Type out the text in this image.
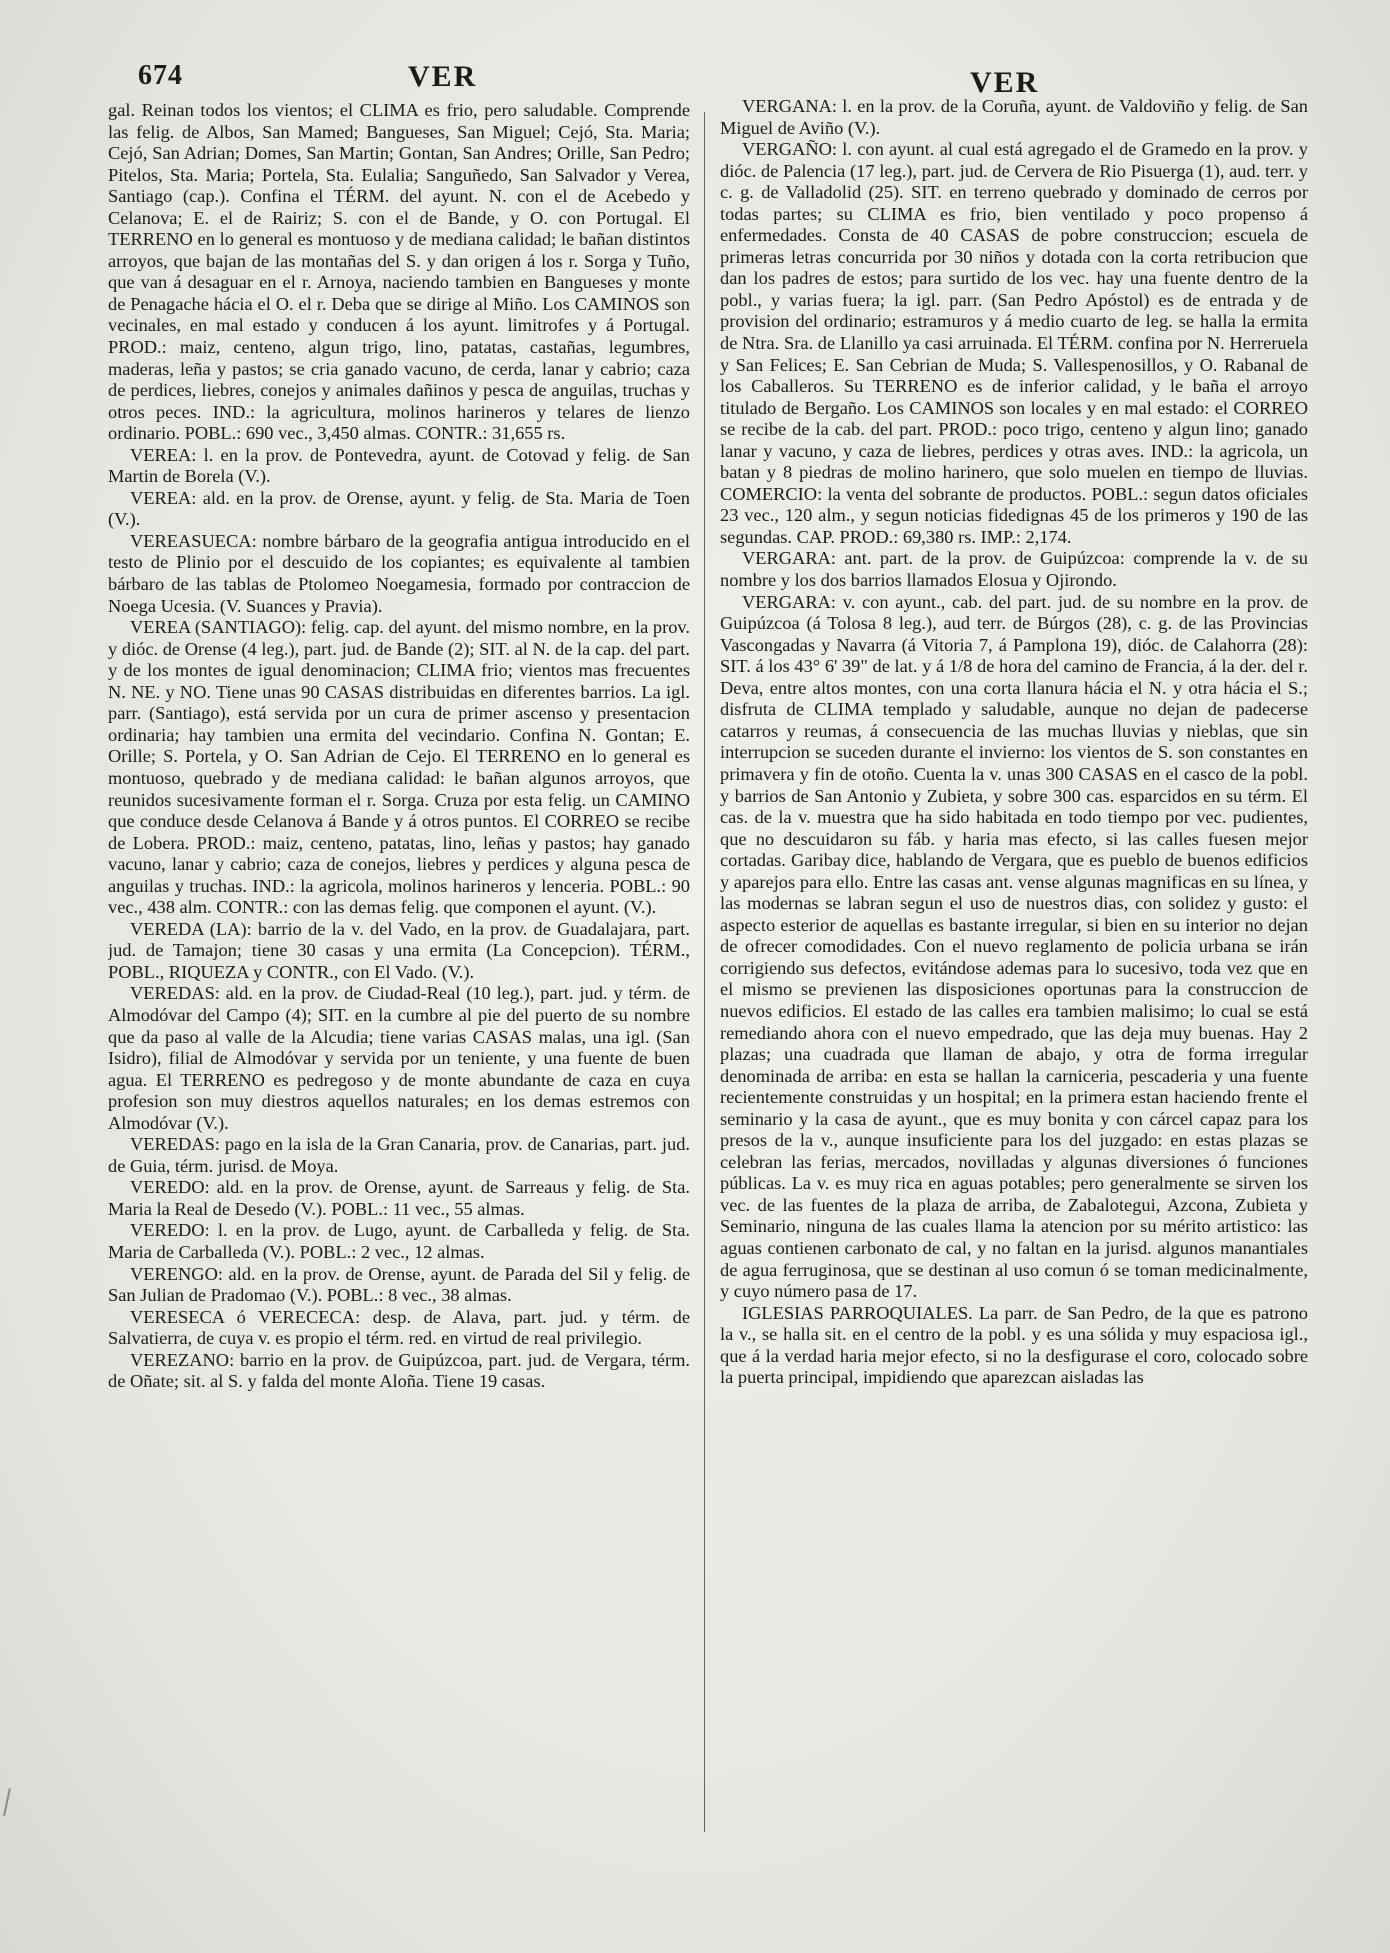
674	VER	VER

gal. Reinan todos los vientos; el CLIMA es frio, pero saludable. Comprende las felig. de Albos, San Mamed; Bangueses, San Miguel; Cejó, Sta. Maria; Cejó, San Adrian; Domes, San Martin; Gontan, San Andres; Orille, San Pedro; Pitelos, Sta. Maria; Portela, Sta. Eulalia; Sanguñedo, San Salvador y Verea, Santiago (cap.). Confina el TÉRM. del ayunt. N. con el de Acebedo y Celanova; E. el de Rairiz; S. con el de Bande, y O. con Portugal. El TERRENO en lo general es montuoso y de mediana calidad; le bañan distintos arroyos, que bajan de las montañas del S. y dan origen á los r. Sorga y Tuño, que van á desaguar en el r. Arnoya, naciendo tambien en Bangueses y monte de Penagache hácia el O. el r. Deba que se dirige al Miño. Los CAMINOS son vecinales, en mal estado y conducen á los ayunt. limitrofes y á Portugal. PROD.: maiz, centeno, algun trigo, lino, patatas, castañas, legumbres, maderas, leña y pastos; se cria ganado vacuno, de cerda, lanar y cabrio; caza de perdices, liebres, conejos y animales dañinos y pesca de anguilas, truchas y otros peces. IND.: la agricultura, molinos harineros y telares de lienzo ordinario. POBL.: 690 vec., 3,450 almas. CONTR.: 31,655 rs.

VEREA: l. en la prov. de Pontevedra, ayunt. de Cotovad y felig. de San Martin de Borela (V.).

VEREA: ald. en la prov. de Orense, ayunt. y felig. de Sta. Maria de Toen (V.).

VEREASUECA: nombre bárbaro de la geografia antigua introducido en el testo de Plinio por el descuido de los copiantes; es equivalente al tambien bárbaro de las tablas de Ptolomeo Noegamesia, formado por contraccion de Noega Ucesia. (V. Suances y Pravia).

VEREA (SANTIAGO): felig. cap. del ayunt. del mismo nombre, en la prov. y dióc. de Orense (4 leg.), part. jud. de Bande (2); SIT. al N. de la cap. del part. y de los montes de igual denominacion; CLIMA frio; vientos mas frecuentes N. NE. y NO. Tiene unas 90 CASAS distribuidas en diferentes barrios. La igl. parr. (Santiago), está servida por un cura de primer ascenso y presentacion ordinaria; hay tambien una ermita del vecindario. Confina N. Gontan; E. Orille; S. Portela, y O. San Adrian de Cejo. El TERRENO en lo general es montuoso, quebrado y de mediana calidad: le bañan algunos arroyos, que reunidos sucesivamente forman el r. Sorga. Cruza por esta felig. un CAMINO que conduce desde Celanova á Bande y á otros puntos. El CORREO se recibe de Lobera. PROD.: maiz, centeno, patatas, lino, leñas y pastos; hay ganado vacuno, lanar y cabrio; caza de conejos, liebres y perdices y alguna pesca de anguilas y truchas. IND.: la agricola, molinos harineros y lenceria. POBL.: 90 vec., 438 alm. CONTR.: con las demas felig. que componen el ayunt. (V.).

VEREDA (LA): barrio de la v. del Vado, en la prov. de Guadalajara, part. jud. de Tamajon; tiene 30 casas y una ermita (La Concepcion). TÉRM., POBL., RIQUEZA y CONTR., con El Vado. (V.).

VEREDAS: ald. en la prov. de Ciudad-Real (10 leg.), part. jud. y térm. de Almodóvar del Campo (4); SIT. en la cumbre al pie del puerto de su nombre que da paso al valle de la Alcudia; tiene varias CASAS malas, una igl. (San Isidro), filial de Almodóvar y servida por un teniente, y una fuente de buen agua. El TERRENO es pedregoso y de monte abundante de caza en cuya profesion son muy diestros aquellos naturales; en los demas estremos con Almodóvar (V.).

VEREDAS: pago en la isla de la Gran Canaria, prov. de Canarias, part. jud. de Guia, térm. jurisd. de Moya.

VEREDO: ald. en la prov. de Orense, ayunt. de Sarreaus y felig. de Sta. Maria la Real de Desedo (V.). POBL.: 11 vec., 55 almas.

VEREDO: l. en la prov. de Lugo, ayunt. de Carballeda y felig. de Sta. Maria de Carballeda (V.). POBL.: 2 vec., 12 almas.

VERENGO: ald. en la prov. de Orense, ayunt. de Parada del Sil y felig. de San Julian de Pradomao (V.). POBL.: 8 vec., 38 almas.

VERESECA ó VERECECA: desp. de Alava, part. jud. y térm. de Salvatierra, de cuya v. es propio el térm. red. en virtud de real privilegio.

VEREZANO: barrio en la prov. de Guipúzcoa, part. jud. de Vergara, térm. de Oñate; sit. al S. y falda del monte Aloña. Tiene 19 casas.

VERGANA: l. en la prov. de la Coruña, ayunt. de Valdoviño y felig. de San Miguel de Aviño (V.).

VERGAÑO: l. con ayunt. al cual está agregado el de Gramedo en la prov. y dióc. de Palencia (17 leg.), part. jud. de Cervera de Rio Pisuerga (1), aud. terr. y c. g. de Valladolid (25). SIT. en terreno quebrado y dominado de cerros por todas partes; su CLIMA es frio, bien ventilado y poco propenso á enfermedades. Consta de 40 CASAS de pobre construccion; escuela de primeras letras concurrida por 30 niños y dotada con la corta retribucion que dan los padres de estos; para surtido de los vec. hay una fuente dentro de la pobl., y varias fuera; la igl. parr. (San Pedro Apóstol) es de entrada y de provision del ordinario; estramuros y á medio cuarto de leg. se halla la ermita de Ntra. Sra. de Llanillo ya casi arruinada. El TÉRM. confina por N. Herreruela y San Felices; E. San Cebrian de Muda; S. Vallespenosillos, y O. Rabanal de los Caballeros. Su TERRENO es de inferior calidad, y le baña el arroyo titulado de Bergaño. Los CAMINOS son locales y en mal estado: el CORREO se recibe de la cab. del part. PROD.: poco trigo, centeno y algun lino; ganado lanar y vacuno, y caza de liebres, perdices y otras aves. IND.: la agricola, un batan y 8 piedras de molino harinero, que solo muelen en tiempo de lluvias. COMERCIO: la venta del sobrante de productos. POBL.: segun datos oficiales 23 vec., 120 alm., y segun noticias fidedignas 45 de los primeros y 190 de las segundas. CAP. PROD.: 69,380 rs. IMP.: 2,174.

VERGARA: ant. part. de la prov. de Guipúzcoa: comprende la v. de su nombre y los dos barrios llamados Elosua y Ojirondo.

VERGARA: v. con ayunt., cab. del part. jud. de su nombre en la prov. de Guipúzcoa (á Tolosa 8 leg.), aud terr. de Búrgos (28), c. g. de las Provincias Vascongadas y Navarra (á Vitoria 7, á Pamplona 19), dióc. de Calahorra (28): SIT. á los 43° 6' 39" de lat. y á 1/8 de hora del camino de Francia, á la der. del r. Deva, entre altos montes, con una corta llanura hácia el N. y otra hácia el S.; disfruta de CLIMA templado y saludable, aunque no dejan de padecerse catarros y reumas, á consecuencia de las muchas lluvias y nieblas, que sin interrupcion se suceden durante el invierno: los vientos de S. son constantes en primavera y fin de otoño. Cuenta la v. unas 300 CASAS en el casco de la pobl. y barrios de San Antonio y Zubieta, y sobre 300 cas. esparcidos en su térm. El cas. de la v. muestra que ha sido habitada en todo tiempo por vec. pudientes, que no descuidaron su fáb. y haria mas efecto, si las calles fuesen mejor cortadas. Garibay dice, hablando de Vergara, que es pueblo de buenos edificios y aparejos para ello. Entre las casas ant. vense algunas magnificas en su línea, y las modernas se labran segun el uso de nuestros dias, con solidez y gusto: el aspecto esterior de aquellas es bastante irregular, si bien en su interior no dejan de ofrecer comodidades. Con el nuevo reglamento de policia urbana se irán corrigiendo sus defectos, evitándose ademas para lo sucesivo, toda vez que en el mismo se previenen las disposiciones oportunas para la construccion de nuevos edificios. El estado de las calles era tambien malisimo; lo cual se está remediando ahora con el nuevo empedrado, que las deja muy buenas. Hay 2 plazas; una cuadrada que llaman de abajo, y otra de forma irregular denominada de arriba: en esta se hallan la carniceria, pescaderia y una fuente recientemente construidas y un hospital; en la primera estan haciendo frente el seminario y la casa de ayunt., que es muy bonita y con cárcel capaz para los presos de la v., aunque insuficiente para los del juzgado: en estas plazas se celebran las ferias, mercados, novilladas y algunas diversiones ó funciones públicas. La v. es muy rica en aguas potables; pero generalmente se sirven los vec. de las fuentes de la plaza de arriba, de Zabalotegui, Azcona, Zubieta y Seminario, ninguna de las cuales llama la atencion por su mérito artistico: las aguas contienen carbonato de cal, y no faltan en la jurisd. algunos manantiales de agua ferruginosa, que se destinan al uso comun ó se toman medicinalmente, y cuyo número pasa de 17.

IGLESIAS PARROQUIALES. La parr. de San Pedro, de la que es patrono la v., se halla sit. en el centro de la pobl. y es una sólida y muy espaciosa igl., que á la verdad haria mejor efecto, si no la desfigurase el coro, colocado sobre la puerta principal, impidiendo que aparezcan aisladas las
